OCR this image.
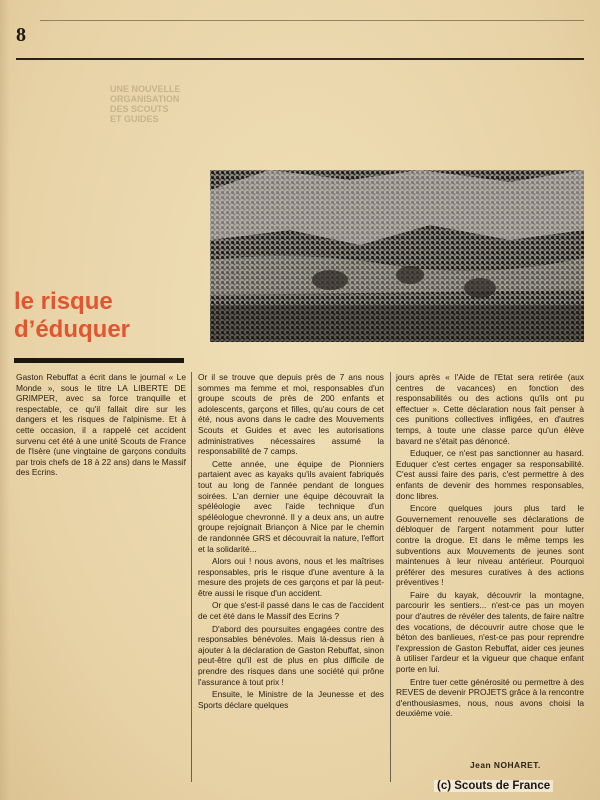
8
UNE NOUVELLE ORGANISATION DES SCOUTS ET GUIDES
le risque
d’éduquer
Gaston Rebuffat a écrit dans le journal « Le Monde », sous le titre LA LIBERTE DE GRIMPER, avec sa force tranquille et respectable, ce qu'il fallait dire sur les dangers et les risques de l'alpinisme. Et à cette occasion, il a rappelé cet accident survenu cet été à une unité Scouts de France de l'Isère (une vingtaine de garçons conduits par trois chefs de 18 à 22 ans) dans le Massif des Ecrins.

Or il se trouve que depuis près de 7 ans nous sommes ma femme et moi, responsables d'un groupe scouts de près de 200 enfants et adolescents, garçons et filles, qu'au cours de cet été, nous avons dans le cadre des Mouvements Scouts et Guides et avec les autorisations administratives nécessaires assumé la responsabilité de 7 camps.

Cette année, une équipe de Pionniers partaient avec as kayaks qu'ils avaient fabriqués tout au long de l'année pendant de longues soirées. L'an dernier une équipe découvrait la spéléologie avec l'aide technique d'un spéléologue chevronné. Il y a deux ans, un autre groupe rejoignait Briançon à Nice par le chemin de randonnée GRS et découvrait la nature, l'effort et la solidarité...

Alors oui ! nous avons, nous et les maîtrises responsables, pris le risque d'une aventure à la mesure des projets de ces garçons et par là peut-être aussi le risque d'un accident.

Or que s'est-il passé dans le cas de l'accident de cet été dans le Massif des Ecrins ?

D'abord des poursuites engagées contre des responsables bénévoles. Mais là-dessus rien à ajouter à la déclaration de Gaston Rebuffat, sinon peut-être qu'il est de plus en plus difficile de prendre des risques dans une société qui prône l'assurance à tout prix !

Ensuite, le Ministre de la Jeunesse et des Sports déclare quelques

jours après « l'Aide de l'Etat sera retirée (aux centres de vacances) en fonction des responsabilités ou des actions qu'ils ont pu effectuer ». Cette déclaration nous fait penser à ces punitions collectives infligées, en d'autres temps, à toute une classe parce qu'un élève bavard ne s'était pas dénoncé.

Eduquer, ce n'est pas sanctionner au hasard. Eduquer c'est certes engager sa responsabilité. C'est aussi faire des paris, c'est permettre à des enfants de devenir des hommes responsables, donc libres.

Encore quelques jours plus tard le Gouvernement renouvelle ses déclarations de débloquer de l'argent notamment pour lutter contre la drogue. Et dans le même temps les subventions aux Mouvements de jeunes sont maintenues à leur niveau antérieur. Pourquoi préférer des mesures curatives à des actions préventives !

Faire du kayak, découvrir la montagne, parcourir les sentiers... n'est-ce pas un moyen pour d'autres de révéler des talents, de faire naître des vocations, de découvrir autre chose que le béton des banlieues, n'est-ce pas pour reprendre l'expression de Gaston Rebuffat, aider ces jeunes à utiliser l'ardeur et la vigueur que chaque enfant porte en lui.

Entre tuer cette générosité ou permettre à des REVES de devenir PROJETS grâce à la rencontre d'enthousiasmes, nous, nous avons choisi la deuxième voie.

Jean NOHARET.
(c) Scouts de France
